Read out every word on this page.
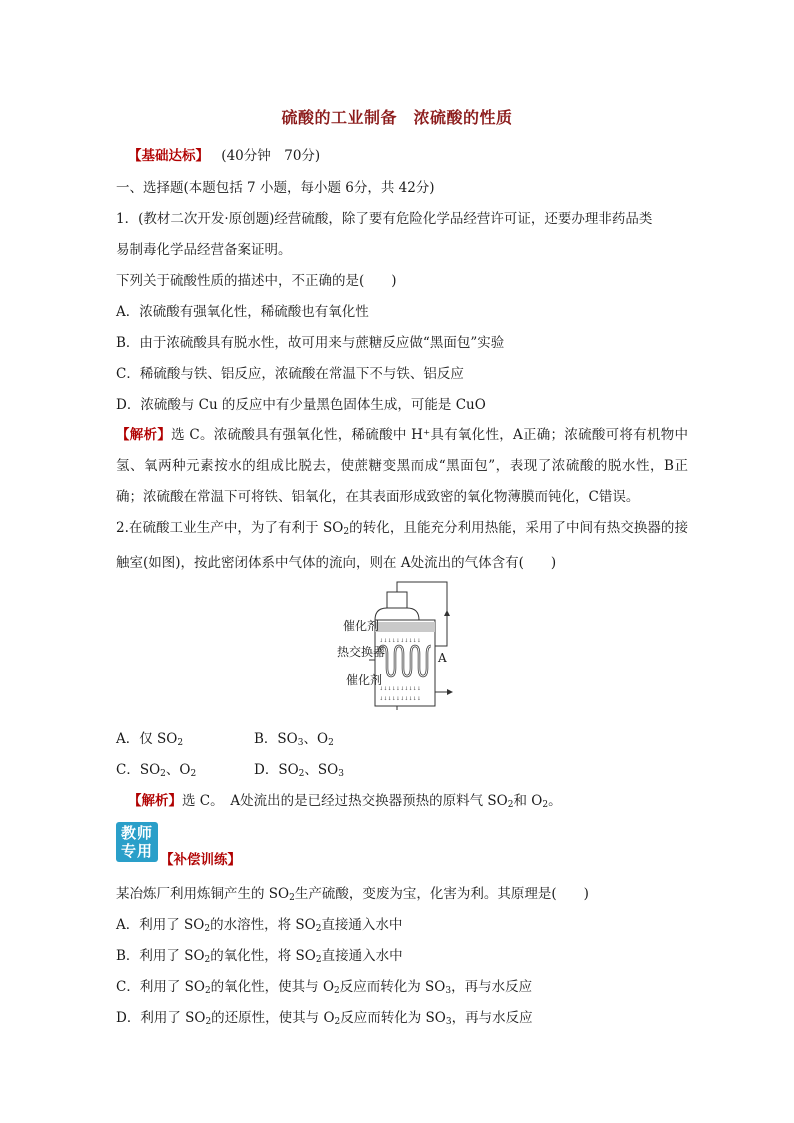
硫酸的工业制备　浓硫酸的性质
【基础达标】 (40分钟　70分)
一、选择题(本题包括 7 小题，每小题 6分，共 42分)
1．(教材二次开发·原创题)经营硫酸，除了要有危险化学品经营许可证，还要办理非药品类
易制毒化学品经营备案证明。
下列关于硫酸性质的描述中，不正确的是(　　)
A．浓硫酸有强氧化性，稀硫酸也有氧化性
B．由于浓硫酸具有脱水性，故可用来与蔗糖反应做“黑面包”实验
C．稀硫酸与铁、铝反应，浓硫酸在常温下不与铁、铝反应
D．浓硫酸与 Cu 的反应中有少量黑色固体生成，可能是 CuO
【解析】选 C。浓硫酸具有强氧化性，稀硫酸中 H⁺具有氧化性，A正确；浓硫酸可将有机物中氢、氧两种元素按水的组成比脱去，使蔗糖变黑而成“黑面包”，表现了浓硫酸的脱水性，B正确；浓硫酸在常温下可将铁、铝氧化，在其表面形成致密的氧化物薄膜而钝化，C错误。
2.在硫酸工业生产中，为了有利于 $SO_2$的转化，且能充分利用热能，采用了中间有热交换器的接触室(如图)，按此密闭体系中气体的流向，则在 A处流出的气体含有(　　)
↓↓↓↓↓↓↓↓↓↓
↓↓↓↓↓↓↓↓↓↓
↓↓↓↓↓↓↓↓↓↓
催化剂
热交换器
催化剂
A
A．仅 $SO_2$	B．$SO_3$、$O_2$
C．$SO_2$、$O_2$	D．$SO_2$、$SO_3$
【解析】选 C。　A处流出的是已经过热交换器预热的原料气 $SO_2$和 $O_2$。
教师
专用 【补偿训练】
某冶炼厂利用炼铜产生的 $SO_2$生产硫酸，变废为宝，化害为利。其原理是(　　)
A．利用了 $SO_2$的水溶性，将 $SO_2$直接通入水中
B．利用了 $SO_2$的氧化性，将 $SO_2$直接通入水中
C．利用了 $SO_2$的氧化性，使其与 $O_2$反应而转化为 $SO_3$，再与水反应
D．利用了 $SO_2$的还原性，使其与 $O_2$反应而转化为 $SO_3$，再与水反应
